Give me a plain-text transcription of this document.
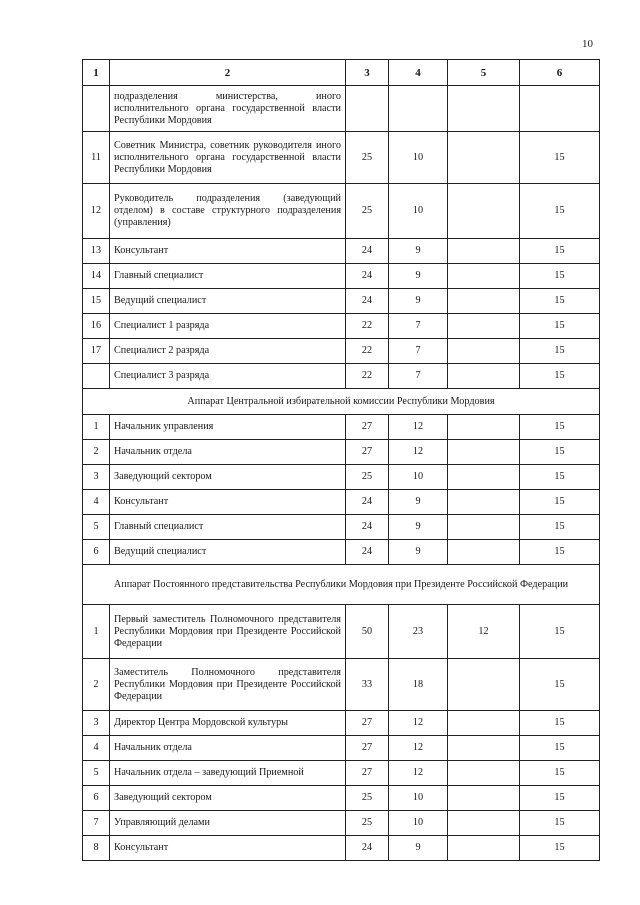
10
1	2	3	4	5	6
	подразделения министерства, иного исполнительного органа государственной власти Республики Мордовия				
11	Советник Министра, советник руководителя иного исполнительного органа государственной власти Республики Мордовия	25	10		15
12	Руководитель подразделения (заведующий отделом) в составе структурного подразделения (управления)	25	10		15
13	Консультант	24	9		15
14	Главный специалист	24	9		15
15	Ведущий специалист	24	9		15
16	Специалист 1 разряда	22	7		15
17	Специалист 2 разряда	22	7		15
	Специалист 3 разряда	22	7		15
Аппарат Центральной избирательной комиссии Республики Мордовия					
1	Начальник управления	27	12		15
2	Начальник отдела	27	12		15
3	Заведующий сектором	25	10		15
4	Консультант	24	9		15
5	Главный специалист	24	9		15
6	Ведущий специалист	24	9		15
Аппарат Постоянного представительства Республики Мордовия при Президенте Российской Федерации					
1	Первый заместитель Полномочного представителя Республики Мордовия при Президенте Российской Федерации	50	23	12	15
2	Заместитель Полномочного представителя Республики Мордовия при Президенте Российской Федерации	33	18		15
3	Директор Центра Мордовской культуры	27	12		15
4	Начальник отдела	27	12		15
5	Начальник отдела – заведующий Приемной	27	12		15
6	Заведующий сектором	25	10		15
7	Управляющий делами	25	10		15
8	Консультант	24	9		15
